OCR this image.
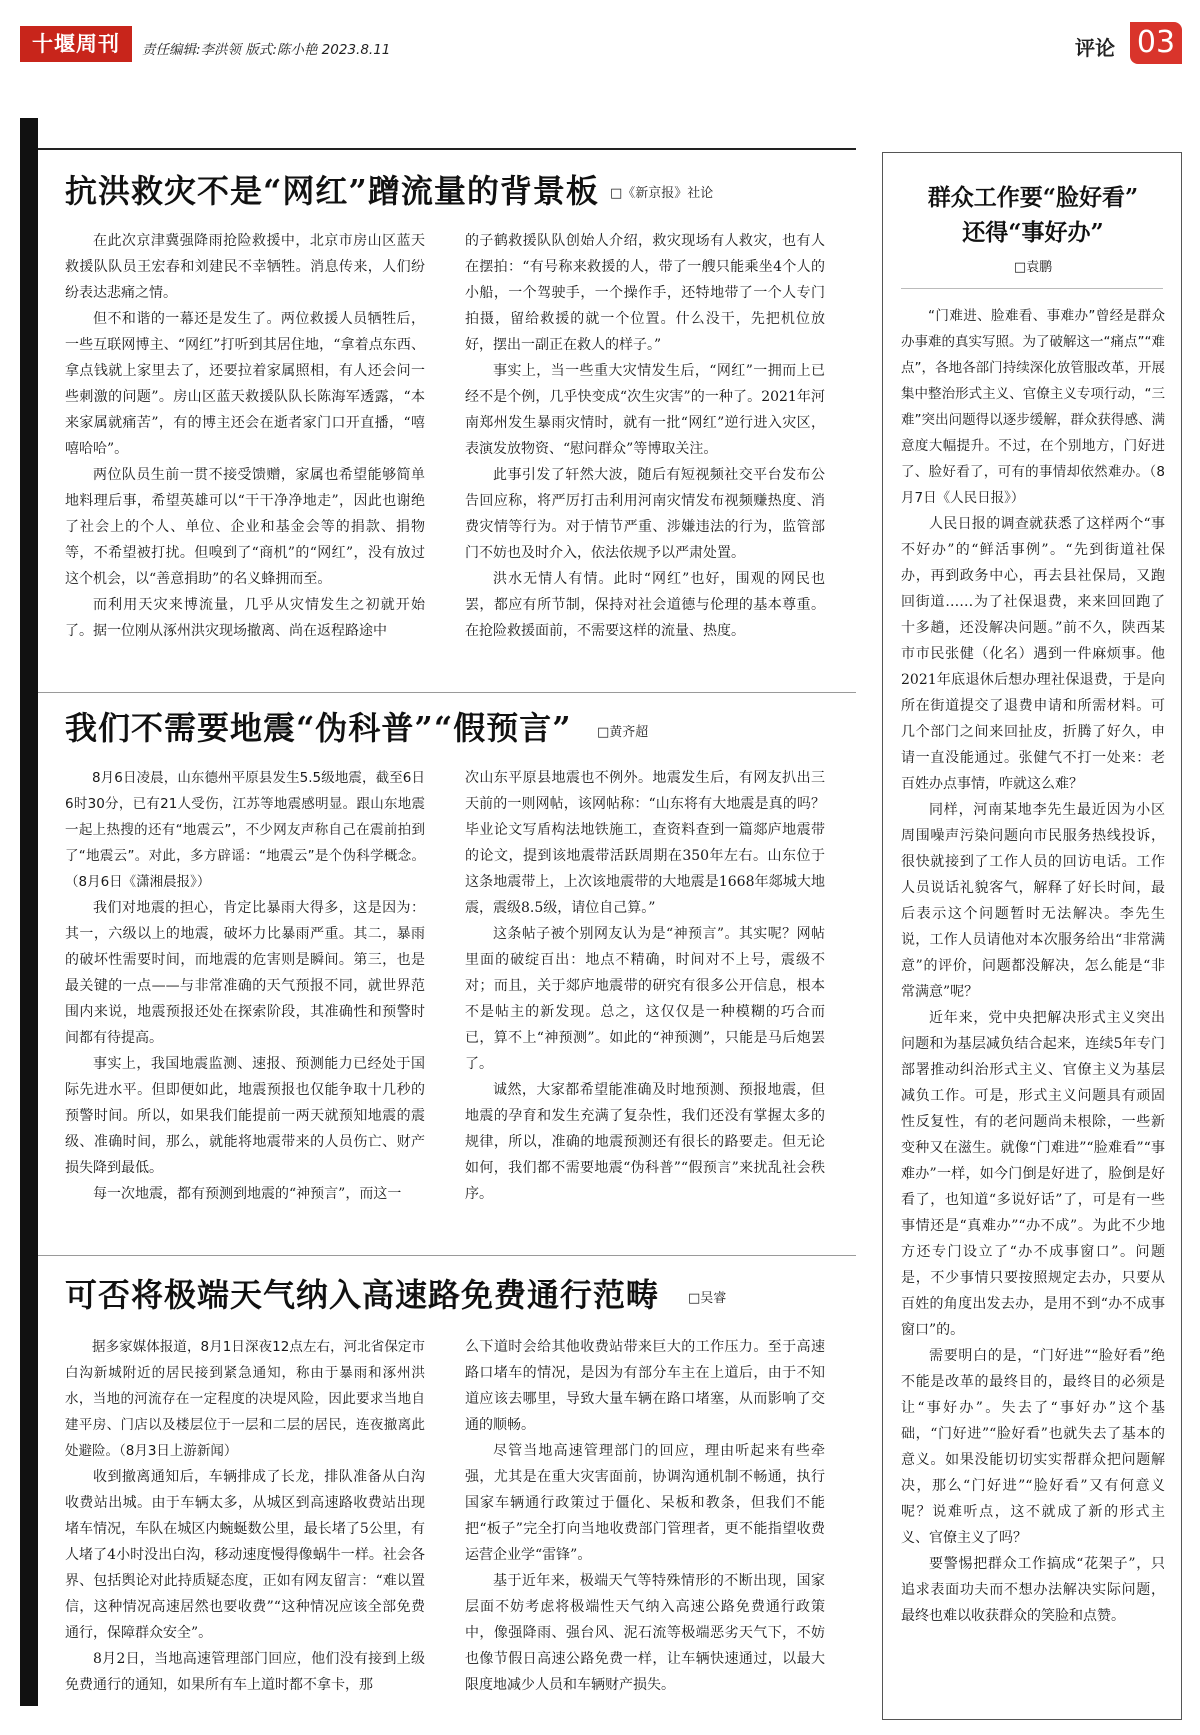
十堰周刊	责任编辑:李洪领 版式:陈小艳 2023.8.11	评论 03
抗洪救灾不是“网红”蹭流量的背景板 □《新京报》社论

在此次京津冀强降雨抢险救援中，北京市房山区蓝天救援队队员王宏春和刘建民不幸牺牲。消息传来，人们纷纷表达悲痛之情。

但不和谐的一幕还是发生了。两位救援人员牺牲后，一些互联网博主、“网红”打听到其居住地，“拿着点东西、拿点钱就上家里去了，还要拉着家属照相，有人还会问一些刺激的问题”。房山区蓝天救援队队长陈海军透露，“本来家属就痛苦”，有的博主还会在逝者家门口开直播，“嘻嘻哈哈”。

两位队员生前一贯不接受馈赠，家属也希望能够简单地料理后事，希望英雄可以“干干净净地走”，因此也谢绝了社会上的个人、单位、企业和基金会等的捐款、捐物等，不希望被打扰。但嗅到了“商机”的“网红”，没有放过这个机会，以“善意捐助”的名义蜂拥而至。

而利用天灾来博流量，几乎从灾情发生之初就开始了。据一位刚从涿州洪灾现场撤离、尚在返程路途中

的子鹤救援队队创始人介绍，救灾现场有人救灾，也有人在摆拍：“有号称来救援的人，带了一艘只能乘坐4个人的小船，一个驾驶手，一个操作手，还特地带了一个人专门拍摄，留给救援的就一个位置。什么没干，先把机位放好，摆出一副正在救人的样子。”

事实上，当一些重大灾情发生后，“网红”一拥而上已经不是个例，几乎快变成“次生灾害”的一种了。2021年河南郑州发生暴雨灾情时，就有一批“网红”逆行进入灾区，表演发放物资、“慰问群众”等博取关注。

此事引发了轩然大波，随后有短视频社交平台发布公告回应称，将严厉打击利用河南灾情发布视频赚热度、消费灾情等行为。对于情节严重、涉嫌违法的行为，监管部门不妨也及时介入，依法依规予以严肃处置。

洪水无情人有情。此时“网红”也好，围观的网民也罢，都应有所节制，保持对社会道德与伦理的基本尊重。在抢险救援面前，不需要这样的流量、热度。

我们不需要地震“伪科普”“假预言” □黄齐超

8月6日凌晨，山东德州平原县发生5.5级地震，截至6日6时30分，已有21人受伤，江苏等地震感明显。跟山东地震一起上热搜的还有“地震云”，不少网友声称自己在震前拍到了“地震云”。对此，多方辟谣：“地震云”是个伪科学概念。（8月6日《潇湘晨报》）

我们对地震的担心，肯定比暴雨大得多，这是因为：其一，六级以上的地震，破坏力比暴雨严重。其二，暴雨的破坏性需要时间，而地震的危害则是瞬间。第三，也是最关键的一点——与非常准确的天气预报不同，就世界范围内来说，地震预报还处在探索阶段，其准确性和预警时间都有待提高。

事实上，我国地震监测、速报、预测能力已经处于国际先进水平。但即便如此，地震预报也仅能争取十几秒的预警时间。所以，如果我们能提前一两天就预知地震的震级、准确时间，那么，就能将地震带来的人员伤亡、财产损失降到最低。

每一次地震，都有预测到地震的“神预言”，而这一

次山东平原县地震也不例外。地震发生后，有网友扒出三天前的一则网帖，该网帖称：“山东将有大地震是真的吗？毕业论文写盾构法地铁施工，查资料查到一篇郯庐地震带的论文，提到该地震带活跃周期在350年左右。山东位于这条地震带上，上次该地震带的大地震是1668年郯城大地震，震级8.5级，请位自己算。”

这条帖子被个别网友认为是“神预言”。其实呢？网帖里面的破绽百出：地点不精确，时间对不上号，震级不对；而且，关于郯庐地震带的研究有很多公开信息，根本不是帖主的新发现。总之，这仅仅是一种模糊的巧合而已，算不上“神预测”。如此的“神预测”，只能是马后炮罢了。

诚然，大家都希望能准确及时地预测、预报地震，但地震的孕育和发生充满了复杂性，我们还没有掌握太多的规律，所以，准确的地震预测还有很长的路要走。但无论如何，我们都不需要地震“伪科普”“假预言”来扰乱社会秩序。

可否将极端天气纳入高速路免费通行范畴 □吴睿

据多家媒体报道，8月1日深夜12点左右，河北省保定市白沟新城附近的居民接到紧急通知，称由于暴雨和涿州洪水，当地的河流存在一定程度的决堤风险，因此要求当地自建平房、门店以及楼层位于一层和二层的居民，连夜撤离此处避险。（8月3日上游新闻）

收到撤离通知后，车辆排成了长龙，排队准备从白沟收费站出城。由于车辆太多，从城区到高速路收费站出现堵车情况，车队在城区内蜿蜒数公里，最长堵了5公里，有人堵了4小时没出白沟，移动速度慢得像蜗牛一样。社会各界、包括舆论对此持质疑态度，正如有网友留言：“难以置信，这种情况高速居然也要收费”“这种情况应该全部免费通行，保障群众安全”。

8月2日，当地高速管理部门回应，他们没有接到上级免费通行的通知，如果所有车上道时都不拿卡，那

么下道时会给其他收费站带来巨大的工作压力。至于高速路口堵车的情况，是因为有部分车主在上道后，由于不知道应该去哪里，导致大量车辆在路口堵塞，从而影响了交通的顺畅。

尽管当地高速管理部门的回应，理由听起来有些牵强，尤其是在重大灾害面前，协调沟通机制不畅通，执行国家车辆通行政策过于僵化、呆板和教条，但我们不能把“板子”完全打向当地收费部门管理者，更不能指望收费运营企业学“雷锋”。

基于近年来，极端天气等特殊情形的不断出现，国家层面不妨考虑将极端性天气纳入高速公路免费通行政策中，像强降雨、强台风、泥石流等极端恶劣天气下，不妨也像节假日高速公路免费一样，让车辆快速通过，以最大限度地减少人员和车辆财产损失。

群众工作要“脸好看”
还得“事好办”
□袁鹏

“门难进、脸难看、事难办”曾经是群众办事难的真实写照。为了破解这一“痛点”“难点”，各地各部门持续深化放管服改革，开展集中整治形式主义、官僚主义专项行动，“三难”突出问题得以逐步缓解，群众获得感、满意度大幅提升。不过，在个别地方，门好进了、脸好看了，可有的事情却依然难办。（8月7日《人民日报》）

人民日报的调查就获悉了这样两个“事不好办”的“鲜活事例”。“先到街道社保办，再到政务中心，再去县社保局，又跑回街道……为了社保退费，来来回回跑了十多趟，还没解决问题。”前不久，陕西某市市民张健（化名）遇到一件麻烦事。他2021年底退休后想办理社保退费，于是向所在街道提交了退费申请和所需材料。可几个部门之间来回扯皮，折腾了好久，申请一直没能通过。张健气不打一处来：老百姓办点事情，咋就这么难？

同样，河南某地李先生最近因为小区周围噪声污染问题向市民服务热线投诉，很快就接到了工作人员的回访电话。工作人员说话礼貌客气，解释了好长时间，最后表示这个问题暂时无法解决。李先生说，工作人员请他对本次服务给出“非常满意”的评价，问题都没解决，怎么能是“非常满意”呢？

近年来，党中央把解决形式主义突出问题和为基层减负结合起来，连续5年专门部署推动纠治形式主义、官僚主义为基层减负工作。可是，形式主义问题具有顽固性反复性，有的老问题尚未根除，一些新变种又在滋生。就像“门难进”“脸难看”“事难办”一样，如今门倒是好进了，脸倒是好看了，也知道“多说好话”了，可是有一些事情还是“真难办”“办不成”。为此不少地方还专门设立了“办不成事窗口”。问题是，不少事情只要按照规定去办，只要从百姓的角度出发去办，是用不到“办不成事窗口”的。

需要明白的是，“门好进”“脸好看”绝不能是改革的最终目的，最终目的必须是让“事好办”。失去了“事好办”这个基础，“门好进”“脸好看”也就失去了基本的意义。如果没能切切实实帮群众把问题解决，那么“门好进”“脸好看”又有何意义呢？说难听点，这不就成了新的形式主义、官僚主义了吗？

要警惕把群众工作搞成“花架子”，只追求表面功夫而不想办法解决实际问题，最终也难以收获群众的笑脸和点赞。
